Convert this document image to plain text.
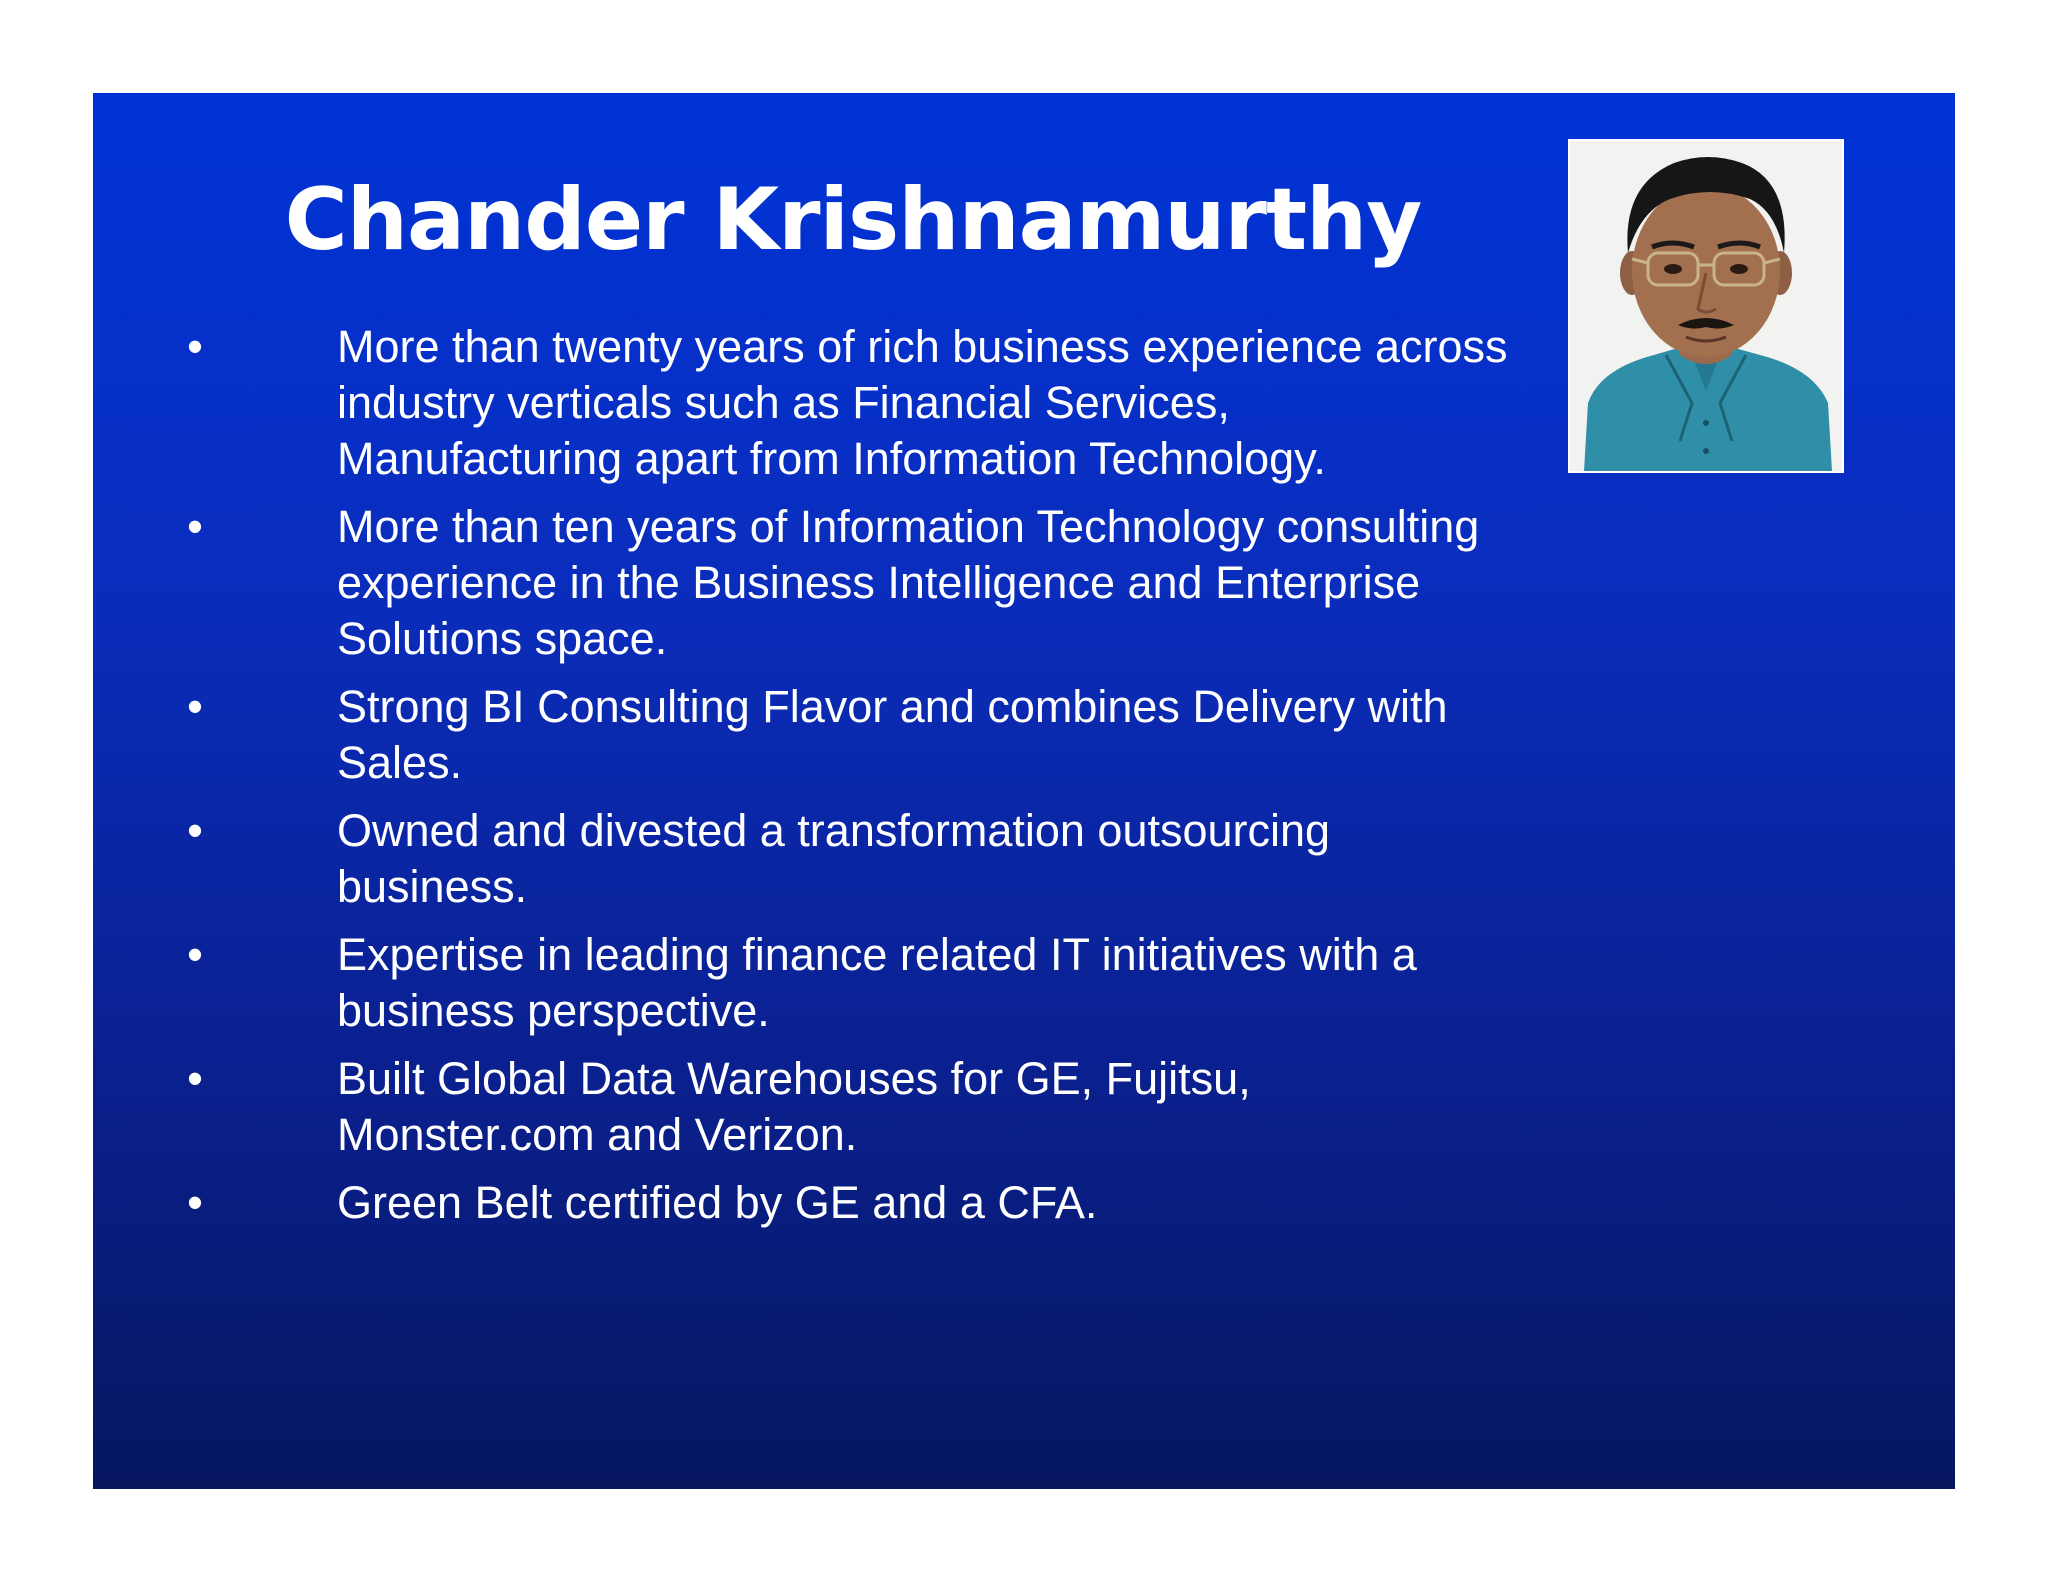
Chander Krishnamurthy
•	More than twenty years of rich business experience across industry verticals such as Financial Services, Manufacturing apart from Information Technology.
•	More than ten years of Information Technology consulting experience in the Business Intelligence and Enterprise Solutions space.
•	Strong BI Consulting Flavor and combines Delivery with Sales.
•	Owned and divested a transformation outsourcing business.
•	Expertise in leading finance related IT initiatives with a business perspective.
•	Built Global Data Warehouses for GE, Fujitsu, Monster.com and Verizon.
•	Green Belt certified by GE and a CFA.
